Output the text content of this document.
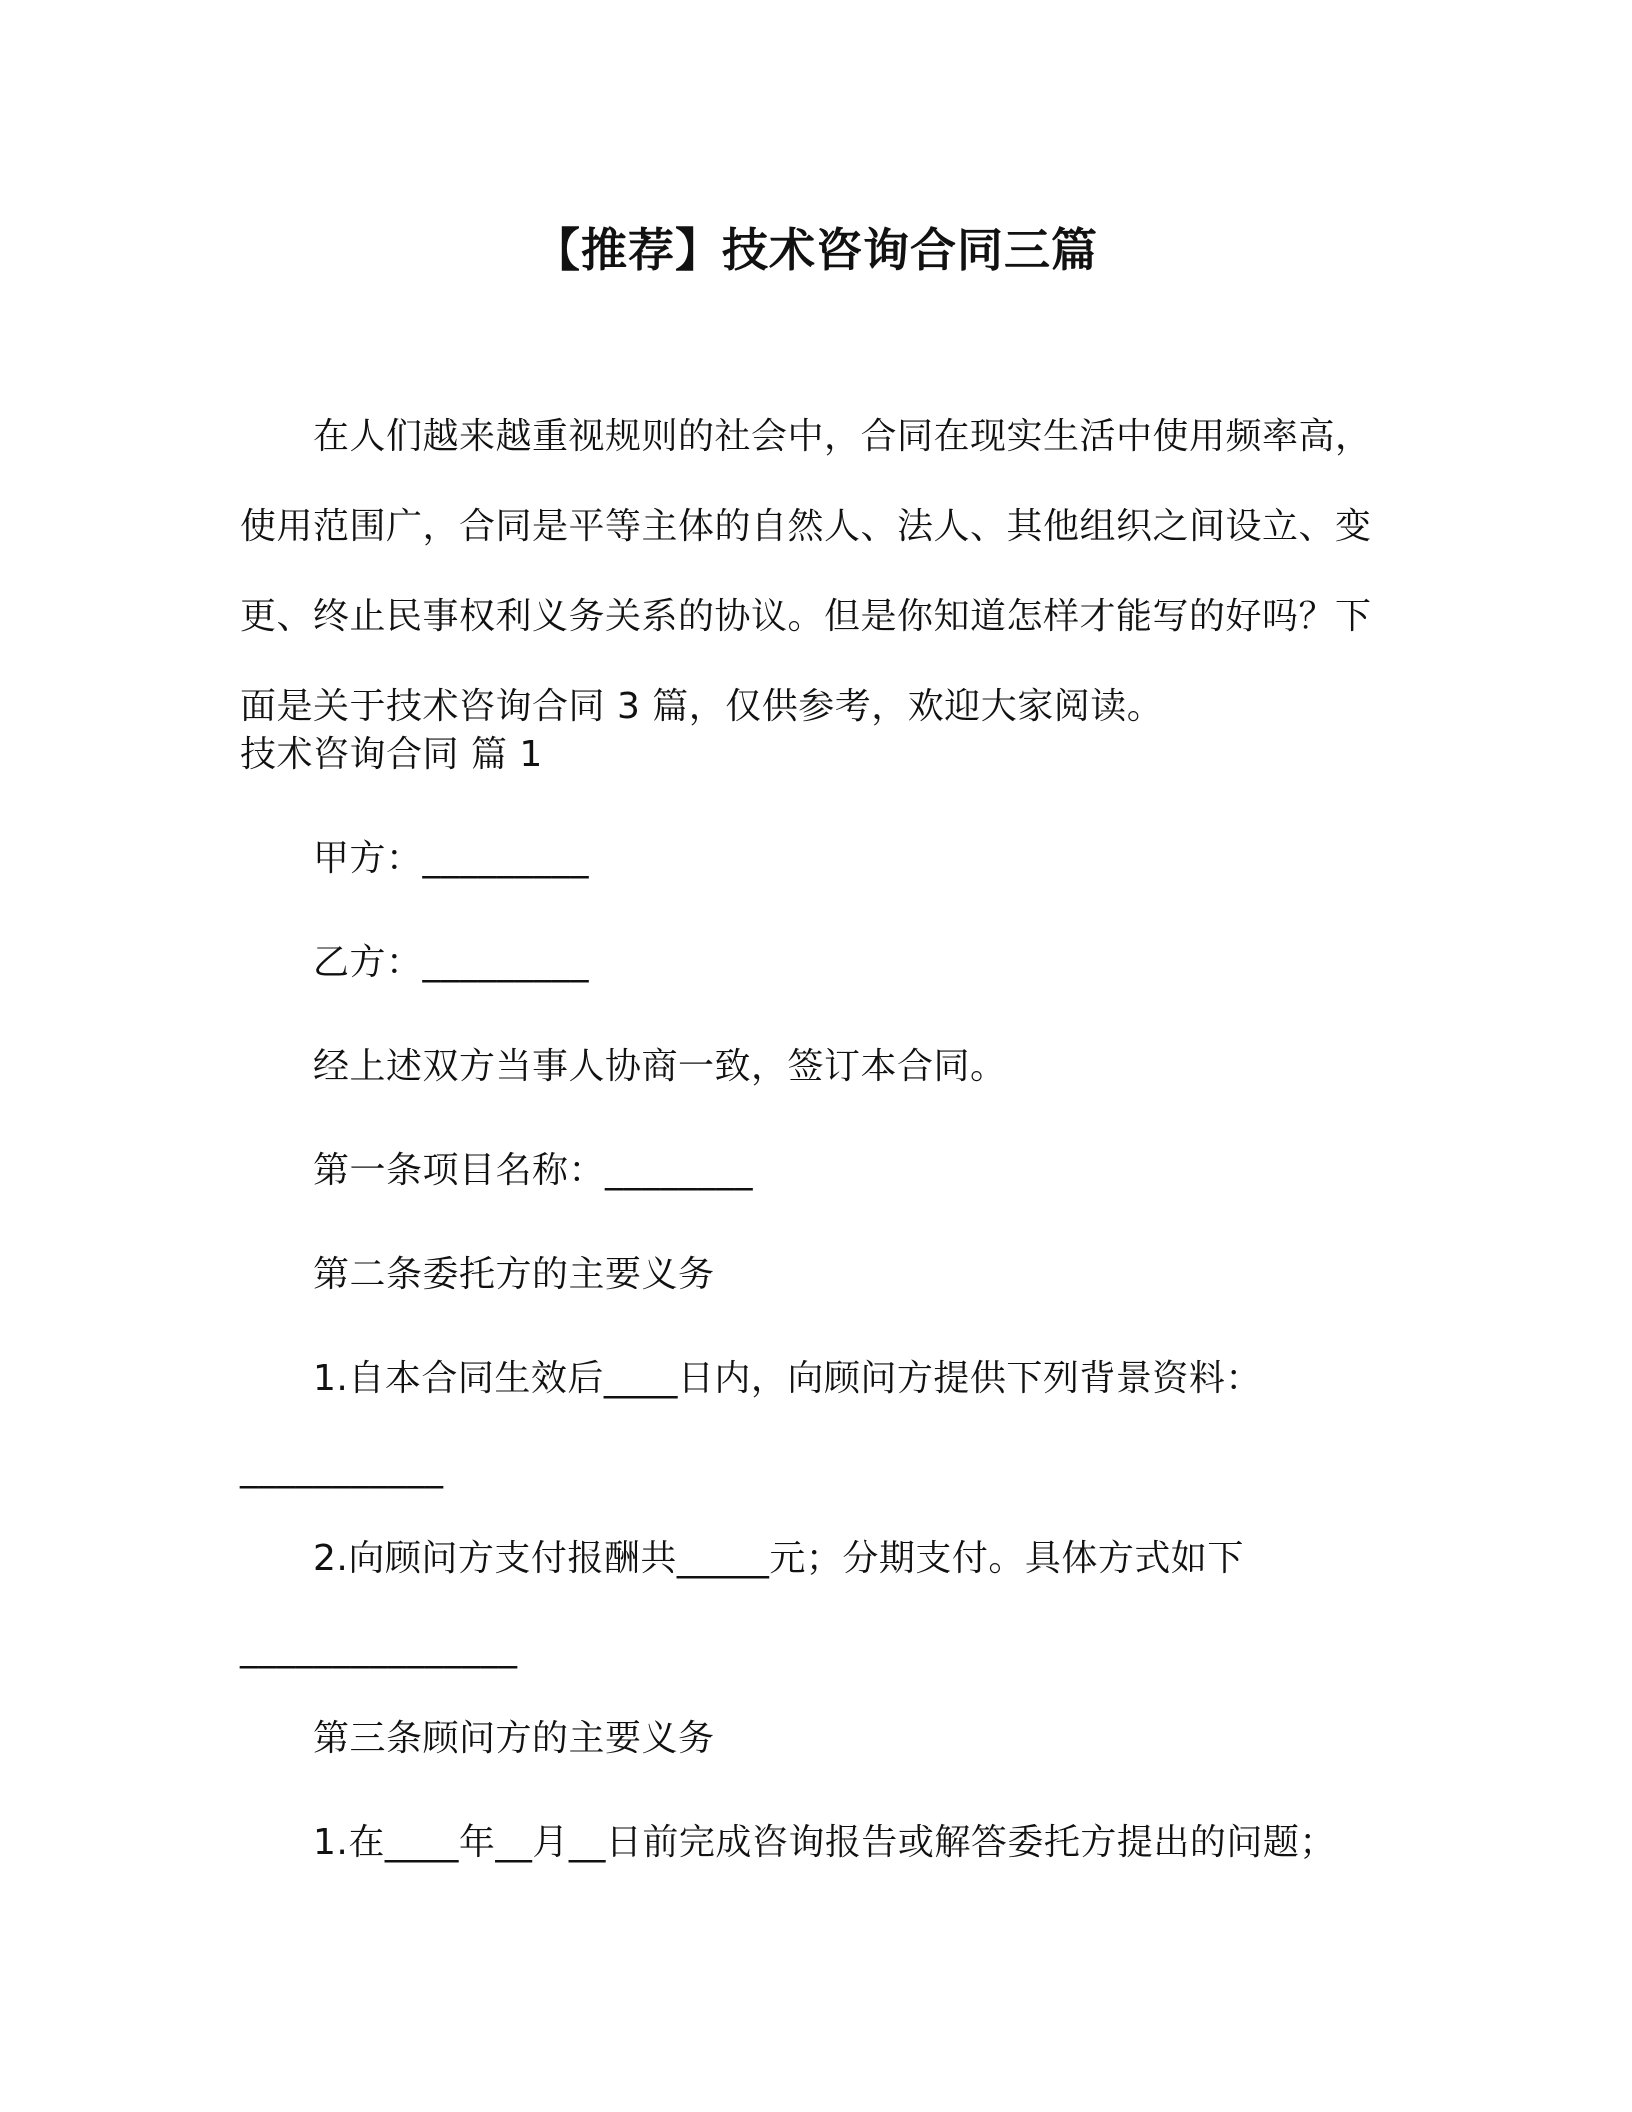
【推荐】技术咨询合同三篇

在人们越来越重视规则的社会中，合同在现实生活中使用频率高，使用范围广，合同是平等主体的自然人、法人、其他组织之间设立、变更、终止民事权利义务关系的协议。但是你知道怎样才能写的好吗？下面是关于技术咨询合同 3 篇，仅供参考，欢迎大家阅读。

技术咨询合同 篇 1

甲方：_________

乙方：_________

经上述双方当事人协商一致，签订本合同。

第一条项目名称：________

第二条委托方的主要义务

1.自本合同生效后____日内，向顾问方提供下列背景资料：

___________

2.向顾问方支付报酬共_____元；分期支付。具体方式如下

_______________

第三条顾问方的主要义务

1.在____年__月__日前完成咨询报告或解答委托方提出的问题；
